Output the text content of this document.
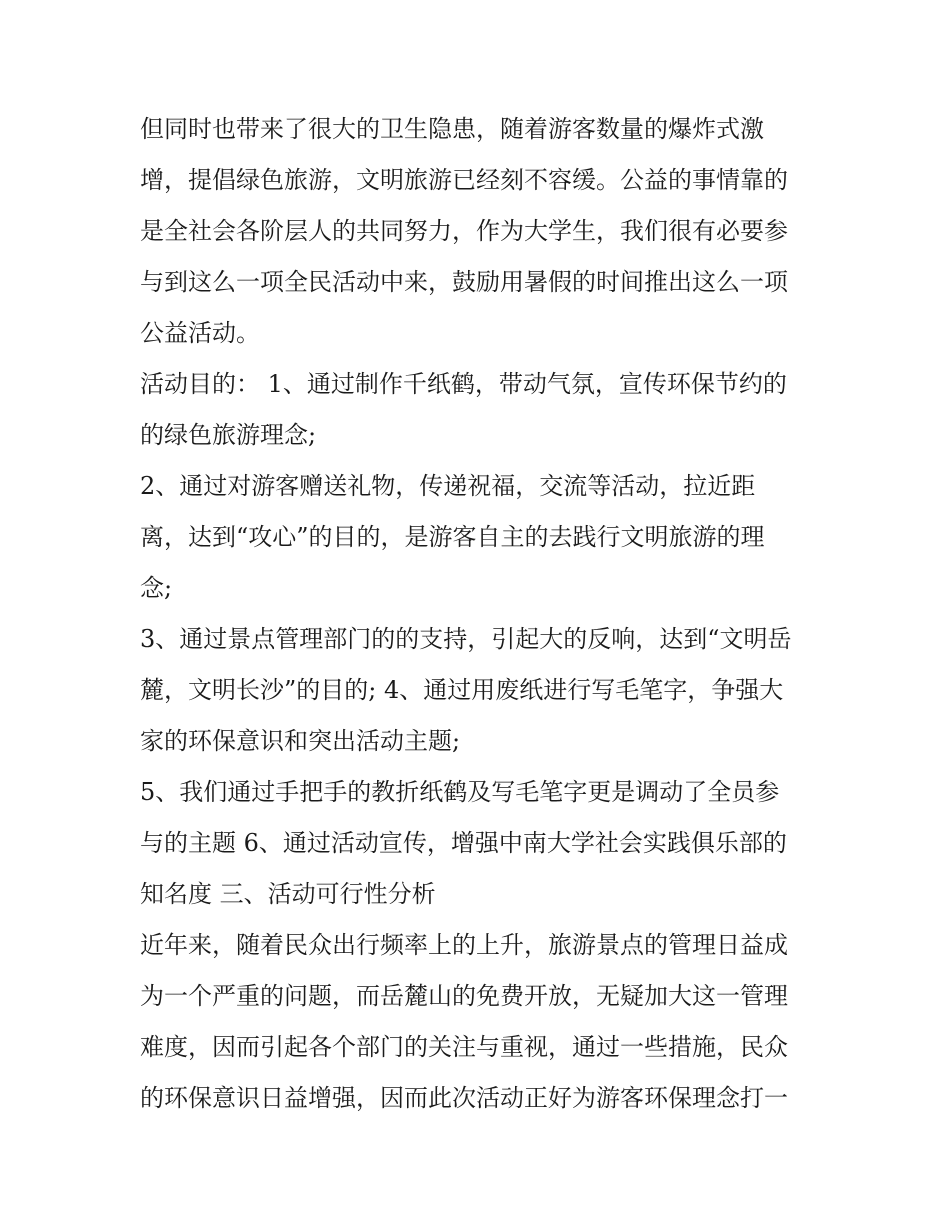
但同时也带来了很大的卫生隐患，随着游客数量的爆炸式激
增，提倡绿色旅游，文明旅游已经刻不容缓。公益的事情靠的
是全社会各阶层人的共同努力，作为大学生，我们很有必要参
与到这么一项全民活动中来，鼓励用暑假的时间推出这么一项
公益活动。
活动目的： 1、通过制作千纸鹤，带动气氛，宣传环保节约的
的绿色旅游理念;
2、通过对游客赠送礼物，传递祝福，交流等活动，拉近距
离，达到“攻心”的目的，是游客自主的去践行文明旅游的理
念;
3、通过景点管理部门的的支持，引起大的反响，达到“文明岳
麓，文明长沙”的目的; 4、通过用废纸进行写毛笔字，争强大
家的环保意识和突出活动主题;
5、我们通过手把手的教折纸鹤及写毛笔字更是调动了全员参
与的主题 6、通过活动宣传，增强中南大学社会实践俱乐部的
知名度 三、活动可行性分析
近年来，随着民众出行频率上的上升，旅游景点的管理日益成
为一个严重的问题，而岳麓山的免费开放，无疑加大这一管理
难度，因而引起各个部门的关注与重视，通过一些措施，民众
的环保意识日益增强，因而此次活动正好为游客环保理念打一
